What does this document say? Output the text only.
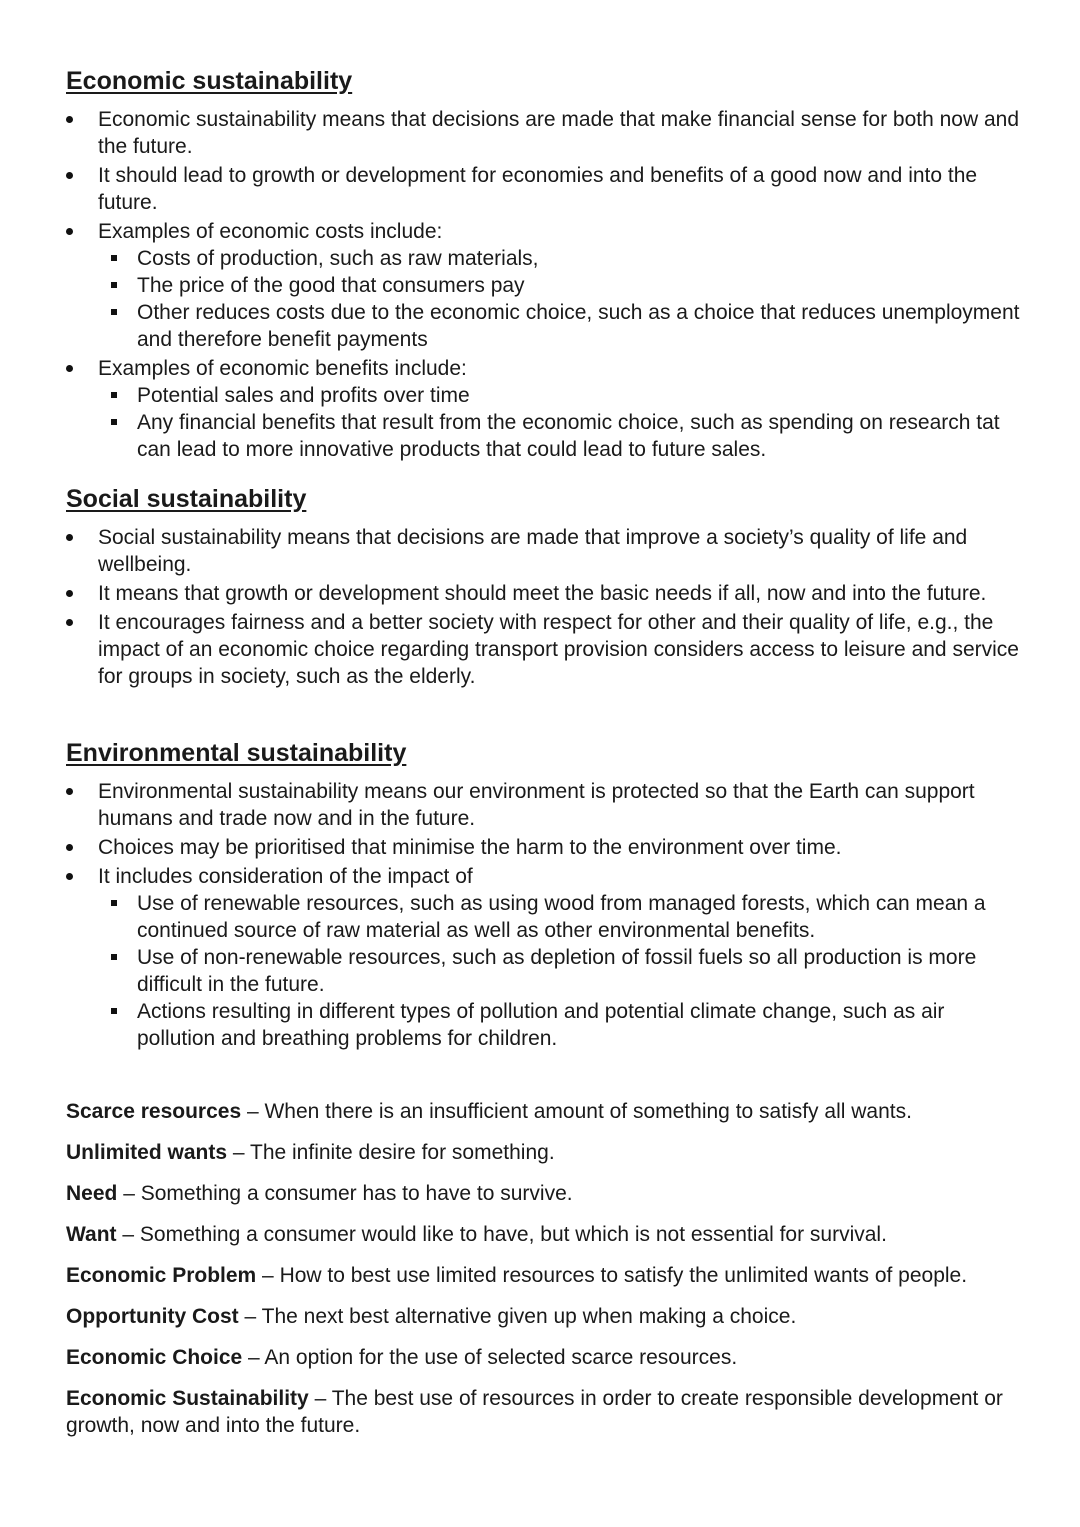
Economic sustainability
Economic sustainability means that decisions are made that make financial sense for both now and the future.
It should lead to growth or development for economies and benefits of a good now and into the future.
Examples of economic costs include:
Costs of production, such as raw materials,
The price of the good that consumers pay
Other reduces costs due to the economic choice, such as a choice that reduces unemployment and therefore benefit payments
Examples of economic benefits include:
Potential sales and profits over time
Any financial benefits that result from the economic choice, such as spending on research tat can lead to more innovative products that could lead to future sales.
Social sustainability
Social sustainability means that decisions are made that improve a society’s quality of life and wellbeing.
It means that growth or development should meet the basic needs if all, now and into the future.
It encourages fairness and a better society with respect for other and their quality of life, e.g., the impact of an economic choice regarding transport provision considers access to leisure and service for groups in society, such as the elderly.
Environmental sustainability
Environmental sustainability means our environment is protected so that the Earth can support humans and trade now and in the future.
Choices may be prioritised that minimise the harm to the environment over time.
It includes consideration of the impact of
Use of renewable resources, such as using wood from managed forests, which can mean a continued source of raw material as well as other environmental benefits.
Use of non-renewable resources, such as depletion of fossil fuels so all production is more difficult in the future.
Actions resulting in different types of pollution and potential climate change, such as air pollution and breathing problems for children.

Scarce resources – When there is an insufficient amount of something to satisfy all wants.

Unlimited wants – The infinite desire for something.

Need – Something a consumer has to have to survive.

Want – Something a consumer would like to have, but which is not essential for survival.

Economic Problem – How to best use limited resources to satisfy the unlimited wants of people.

Opportunity Cost – The next best alternative given up when making a choice.

Economic Choice – An option for the use of selected scarce resources.

Economic Sustainability – The best use of resources in order to create responsible development or growth, now and into the future.
